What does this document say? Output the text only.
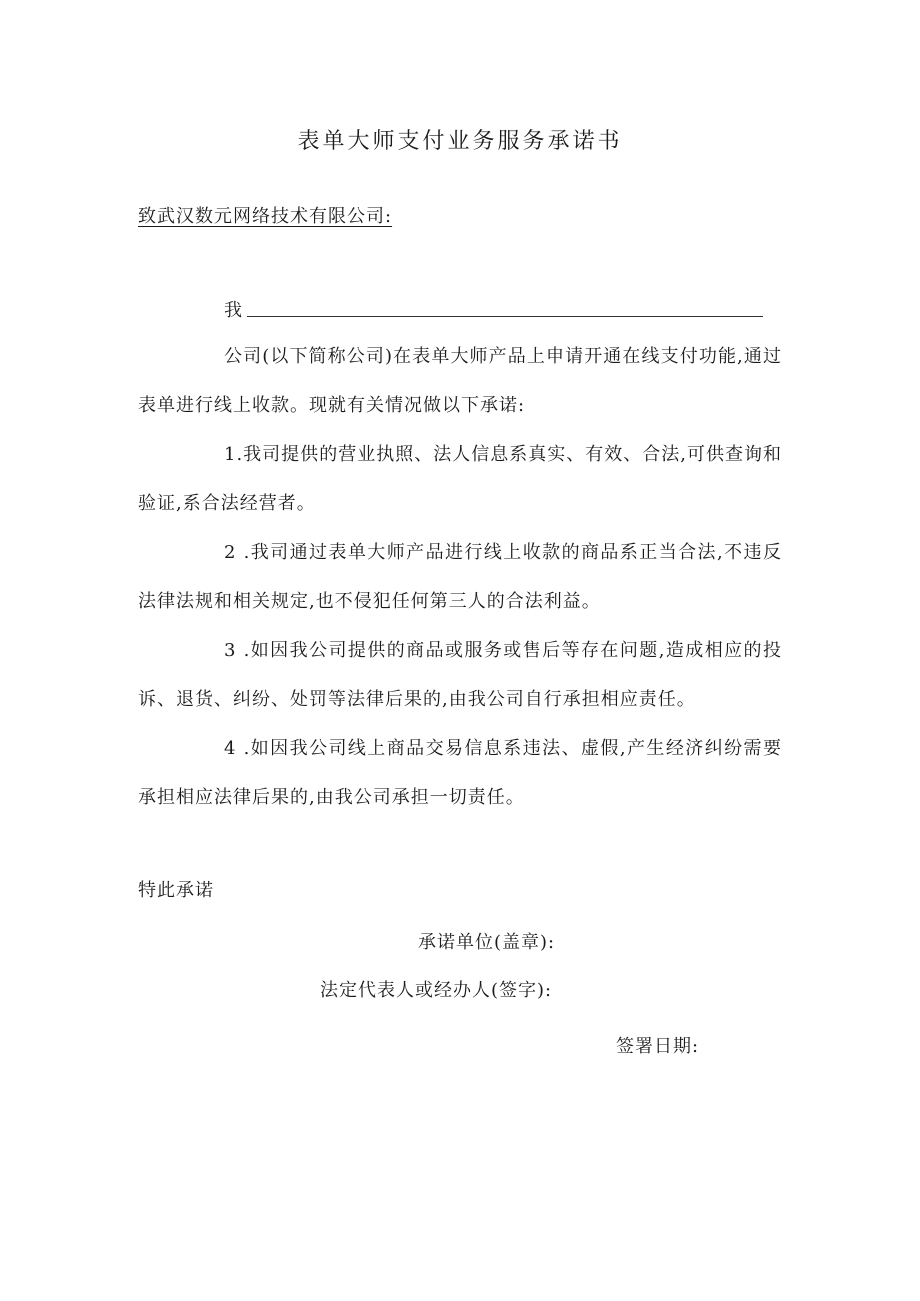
表单大师支付业务服务承诺书
致武汉数元网络技术有限公司:
我
公司(以下简称公司)在表单大师产品上申请开通在线支付功能,通过表单进行线上收款。现就有关情况做以下承诺:
1.我司提供的营业执照、法人信息系真实、有效、合法,可供查询和验证,系合法经营者。
2 .我司通过表单大师产品进行线上收款的商品系正当合法,不违反法律法规和相关规定,也不侵犯任何第三人的合法利益。
3 .如因我公司提供的商品或服务或售后等存在问题,造成相应的投诉、退货、纠纷、处罚等法律后果的,由我公司自行承担相应责任。
4 .如因我公司线上商品交易信息系违法、虚假,产生经济纠纷需要承担相应法律后果的,由我公司承担一切责任。
特此承诺
承诺单位(盖章):
法定代表人或经办人(签字):
签署日期:
